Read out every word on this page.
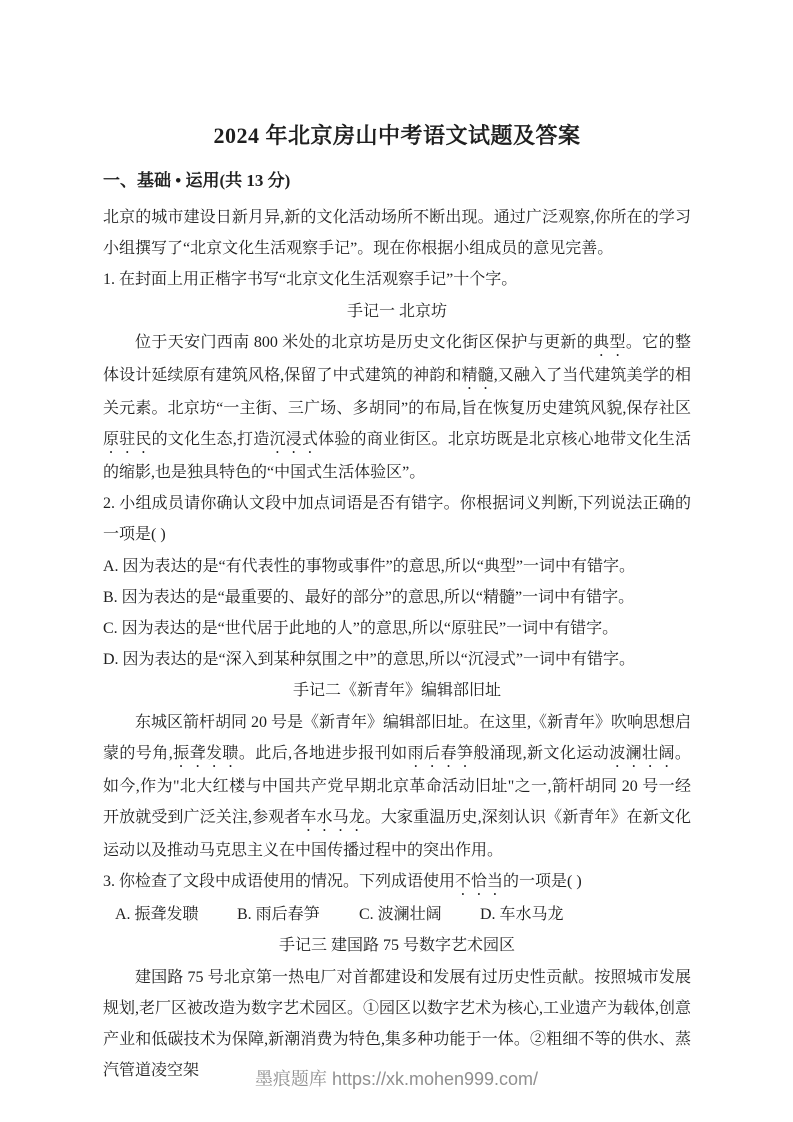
2024 年北京房山中考语文试题及答案
一、基础 • 运用(共 13 分)

北京的城市建设日新月异,新的文化活动场所不断出现。通过广泛观察,你所在的学习小组撰写了“北京文化生活观察手记”。现在你根据小组成员的意见完善。

1. 在封面上用正楷字书写“北京文化生活观察手记”十个字。

手记一 北京坊

位于天安门西南 800 米处的北京坊是历史文化街区保护与更新的典型。它的整体设计延续原有建筑风格,保留了中式建筑的神韵和精髓,又融入了当代建筑美学的相关元素。北京坊“一主街、三广场、多胡同”的布局,旨在恢复历史建筑风貌,保存社区原驻民的文化生态,打造沉浸式体验的商业街区。北京坊既是北京核心地带文化生活的缩影,也是独具特色的“中国式生活体验区”。

2. 小组成员请你确认文段中加点词语是否有错字。你根据词义判断,下列说法正确的一项是( )

A. 因为表达的是“有代表性的事物或事件”的意思,所以“典型”一词中有错字。
B. 因为表达的是“最重要的、最好的部分”的意思,所以“精髓”一词中有错字。
C. 因为表达的是“世代居于此地的人”的意思,所以“原驻民”一词中有错字。
D. 因为表达的是“深入到某种氛围之中”的意思,所以“沉浸式”一词中有错字。
手记二《新青年》编辑部旧址

东城区箭杆胡同 20 号是《新青年》编辑部旧址。在这里,《新青年》吹响思想启蒙的号角,振聋发聩。此后,各地进步报刊如雨后春笋般涌现,新文化运动波澜壮阔。如今,作为"北大红楼与中国共产党早期北京革命活动旧址"之一,箭杆胡同 20 号一经开放就受到广泛关注,参观者车水马龙。大家重温历史,深刻认识《新青年》在新文化运动以及推动马克思主义在中国传播过程中的突出作用。

3. 你检查了文段中成语使用的情况。下列成语使用不恰当的一项是( )

A. 振聋发聩	B. 雨后春笋	C. 波澜壮阔	D. 车水马龙
手记三 建国路 75 号数字艺术园区

建国路 75 号北京第一热电厂对首都建设和发展有过历史性贡献。按照城市发展规划,老厂区被改造为数字艺术园区。①园区以数字艺术为核心,工业遗产为载体,创意产业和低碳技术为保障,新潮消费为特色,集多种功能于一体。②粗细不等的供水、蒸汽管道凌空架	墨痕题库 https://xk.mohen999.com/
